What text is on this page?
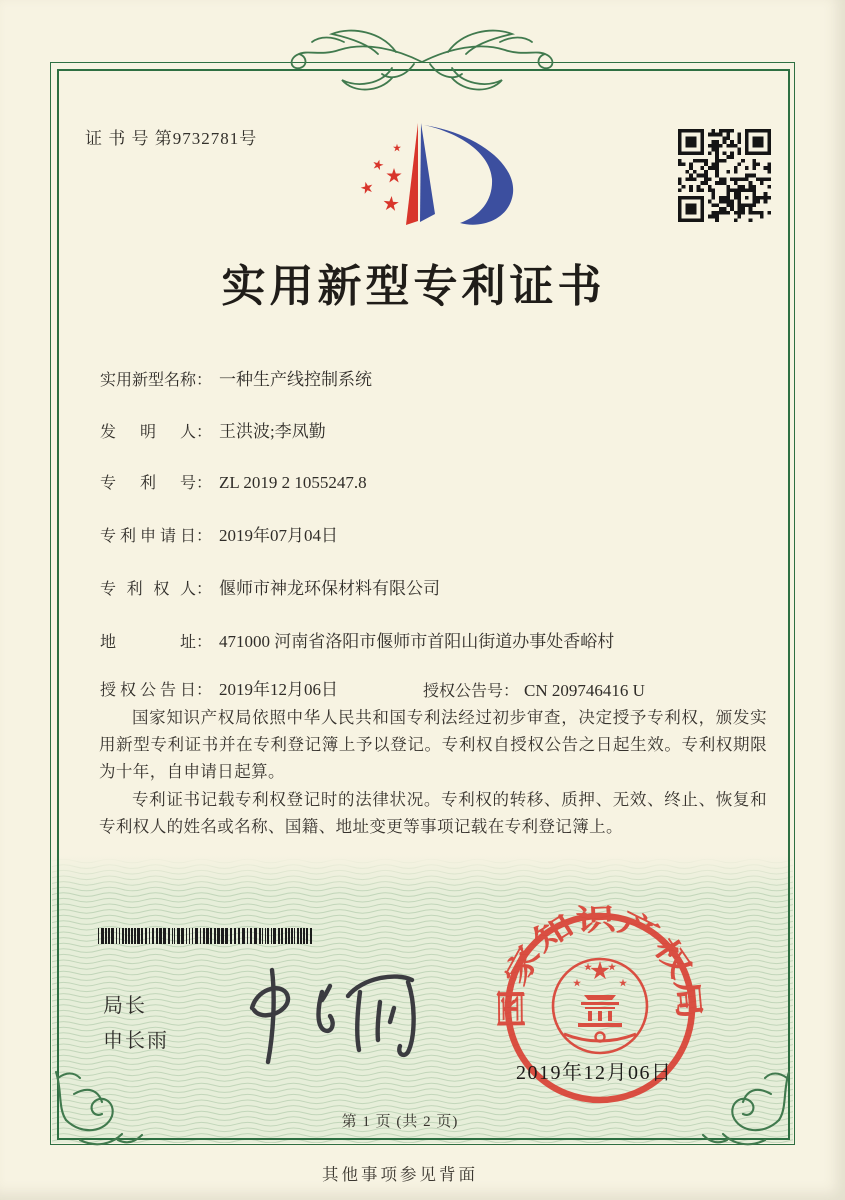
国家知识产权局
证 书 号 第9732781号
实用新型专利证书
实用新型名称： 一种生产线控制系统
发明人： 王洪波;李凤勤
专利号： ZL 2019 2 1055247.8
专利申请日： 2019年07月04日
专利权人： 偃师市神龙环保材料有限公司
地址： 471000 河南省洛阳市偃师市首阳山街道办事处香峪村
授权公告日： 2019年12月06日	授权公告号： CN 209746416 U

国家知识产权局依照中华人民共和国专利法经过初步审查，决定授予专利权，颁发实用新型专利证书并在专利登记簿上予以登记。专利权自授权公告之日起生效。专利权期限为十年，自申请日起算。

专利证书记载专利权登记时的法律状况。专利权的转移、质押、无效、终止、恢复和专利权人的姓名或名称、国籍、地址变更等事项记载在专利登记簿上。

局长
申长雨
2019年12月06日
第 1 页 (共 2 页)
其他事项参见背面
